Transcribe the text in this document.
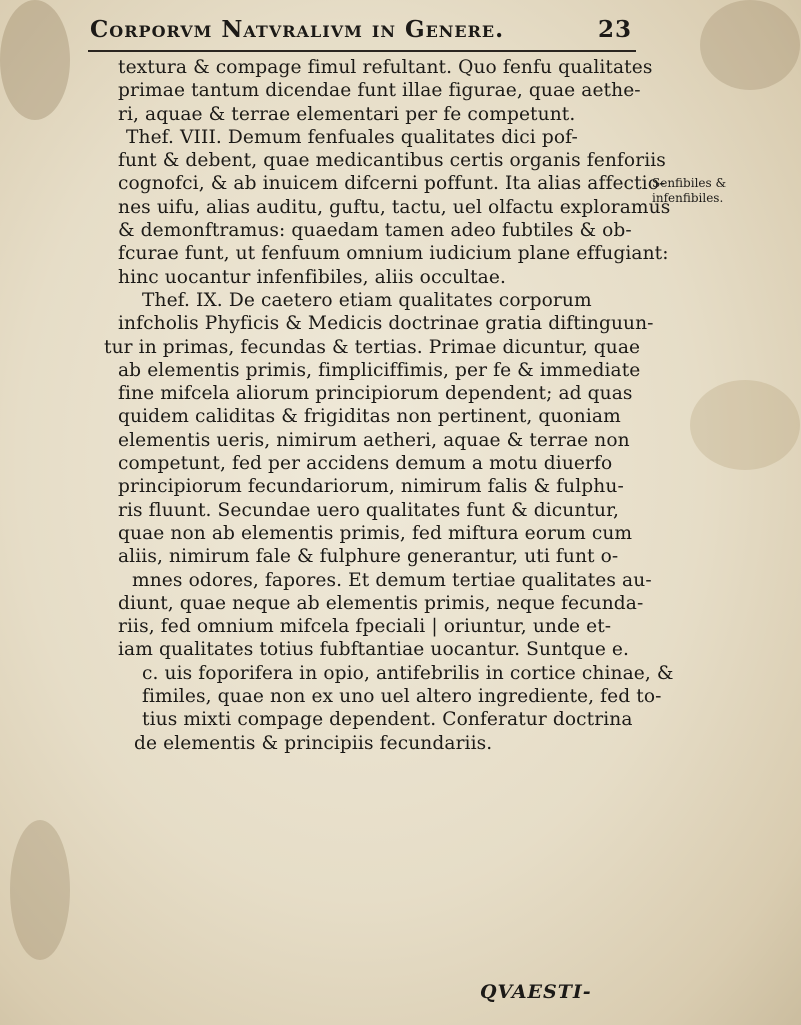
Corporvm Natvralivm in Genere.	23
textura & compage fimul refultant. Quo fenfu qualitates
primae tantum dicendae funt illae figurae, quae aethe-
ri, aquae & terrae elementari per fe competunt.
Thef. VIII. Demum fenfuales qualitates dici pof-
funt & debent, quae medicantibus certis organis fenforiis
cognofci, & ab inuicem difcerni poffunt. Ita alias affectio-
nes uifu, alias auditu, guftu, tactu, uel olfactu exploramus
& demonftramus: quaedam tamen adeo fubtiles & ob-
fcurae funt, ut fenfuum omnium iudicium plane effugiant:
hinc uocantur infenfibiles, aliis occultae.
Thef. IX. De caetero etiam qualitates corporum
infcholis Phyficis & Medicis doctrinae gratia diftinguun-
tur in primas, fecundas & tertias. Primae dicuntur, quae
ab elementis primis, fimpliciffimis, per fe & immediate
fine mifcela aliorum principiorum dependent; ad quas
quidem caliditas & frigiditas non pertinent, quoniam
elementis ueris, nimirum aetheri, aquae & terrae non
competunt, fed per accidens demum a motu diuerfo
principiorum fecundariorum, nimirum falis & fulphu-
ris fluunt. Secundae uero qualitates funt & dicuntur,
quae non ab elementis primis, fed miftura eorum cum
aliis, nimirum fale & fulphure generantur, uti funt o-
mnes odores, fapores. Et demum tertiae qualitates au-
diunt, quae neque ab elementis primis, neque fecunda-
riis, fed omnium mifcela fpeciali | oriuntur, unde et-
iam qualitates totius fubftantiae uocantur. Suntque e.
c. uis foporifera in opio, antifebrilis in cortice chinae, &
fimiles, quae non ex uno uel altero ingrediente, fed to-
tius mixti compage dependent. Conferatur doctrina
de elementis & principiis fecundariis.
Senfibiles &
infenfibiles.
QVAESTI-
